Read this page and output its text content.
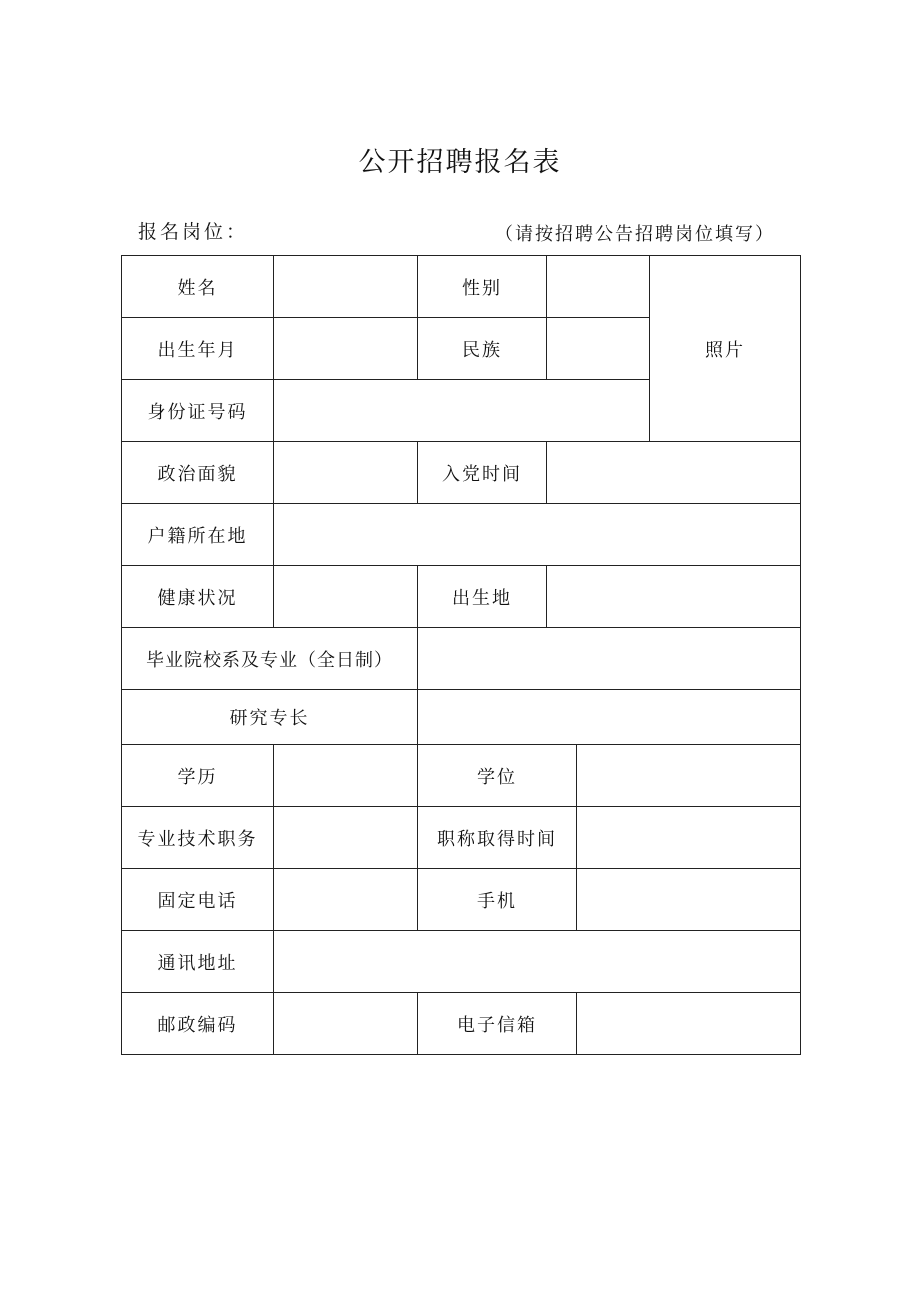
公开招聘报名表
报名岗位：	（请按招聘公告招聘岗位填写）
姓名		性别			照片
出生年月		民族			
身份证号码					
政治面貌		入党时间			
户籍所在地					
健康状况		出生地			
毕业院校系及专业（全日制）					
研究专长					
学历		学位			
专业技术职务		职称取得时间			
固定电话		手机			
通讯地址					
邮政编码		电子信箱			
